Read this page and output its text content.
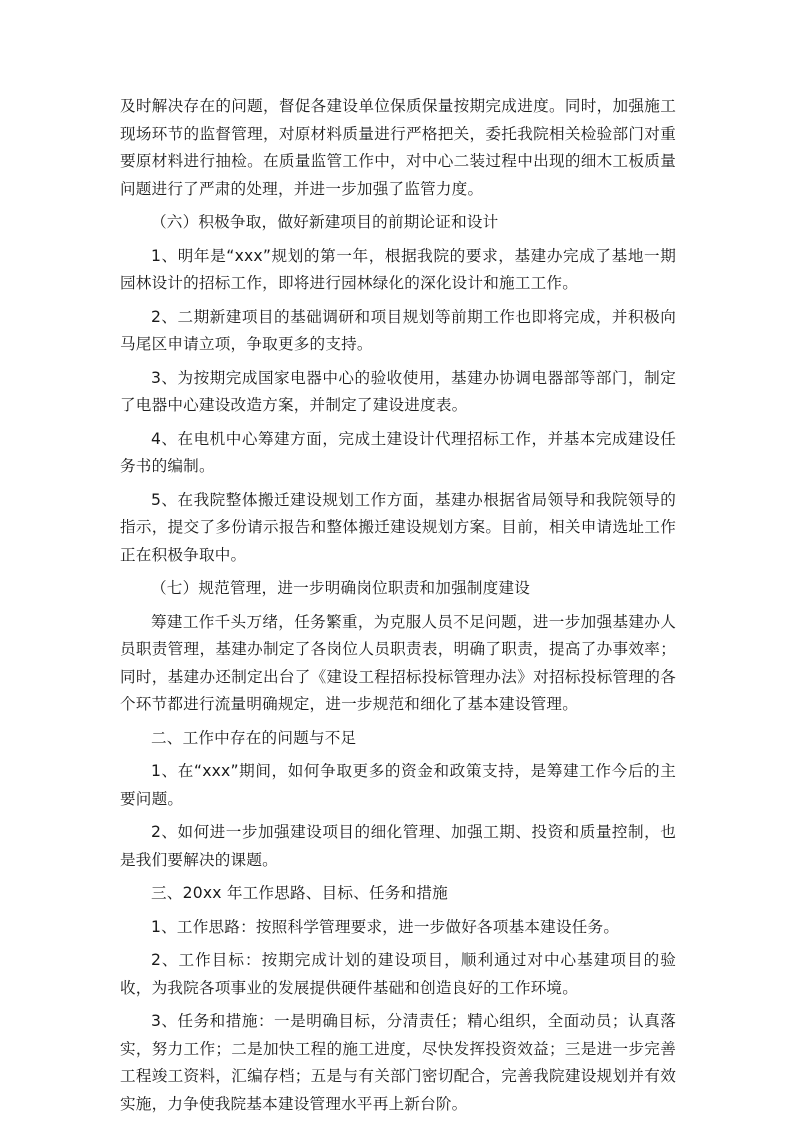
及时解决存在的问题，督促各建设单位保质保量按期完成进度。同时，加强施工现场环节的监督管理，对原材料质量进行严格把关，委托我院相关检验部门对重要原材料进行抽检。在质量监管工作中，对中心二装过程中出现的细木工板质量问题进行了严肃的处理，并进一步加强了监管力度。

（六）积极争取，做好新建项目的前期论证和设计

1、明年是“xxx”规划的第一年，根据我院的要求，基建办完成了基地一期园林设计的招标工作，即将进行园林绿化的深化设计和施工工作。

2、二期新建项目的基础调研和项目规划等前期工作也即将完成，并积极向马尾区申请立项，争取更多的支持。

3、为按期完成国家电器中心的验收使用，基建办协调电器部等部门，制定了电器中心建设改造方案，并制定了建设进度表。

4、在电机中心筹建方面，完成土建设计代理招标工作，并基本完成建设任务书的编制。

5、在我院整体搬迁建设规划工作方面，基建办根据省局领导和我院领导的指示，提交了多份请示报告和整体搬迁建设规划方案。目前，相关申请选址工作正在积极争取中。

（七）规范管理，进一步明确岗位职责和加强制度建设

筹建工作千头万绪，任务繁重，为克服人员不足问题，进一步加强基建办人员职责管理，基建办制定了各岗位人员职责表，明确了职责，提高了办事效率；同时，基建办还制定出台了《建设工程招标投标管理办法》对招标投标管理的各个环节都进行流量明确规定，进一步规范和细化了基本建设管理。

二、工作中存在的问题与不足

1、在“xxx”期间，如何争取更多的资金和政策支持，是筹建工作今后的主要问题。

2、如何进一步加强建设项目的细化管理、加强工期、投资和质量控制，也是我们要解决的课题。

三、20xx 年工作思路、目标、任务和措施

1、工作思路：按照科学管理要求，进一步做好各项基本建设任务。

2、工作目标：按期完成计划的建设项目，顺利通过对中心基建项目的验收，为我院各项事业的发展提供硬件基础和创造良好的工作环境。

3、任务和措施：一是明确目标，分清责任；精心组织，全面动员；认真落实，努力工作；二是加快工程的施工进度，尽快发挥投资效益；三是进一步完善工程竣工资料，汇编存档；五是与有关部门密切配合，完善我院建设规划并有效实施，力争使我院基本建设管理水平再上新台阶。
